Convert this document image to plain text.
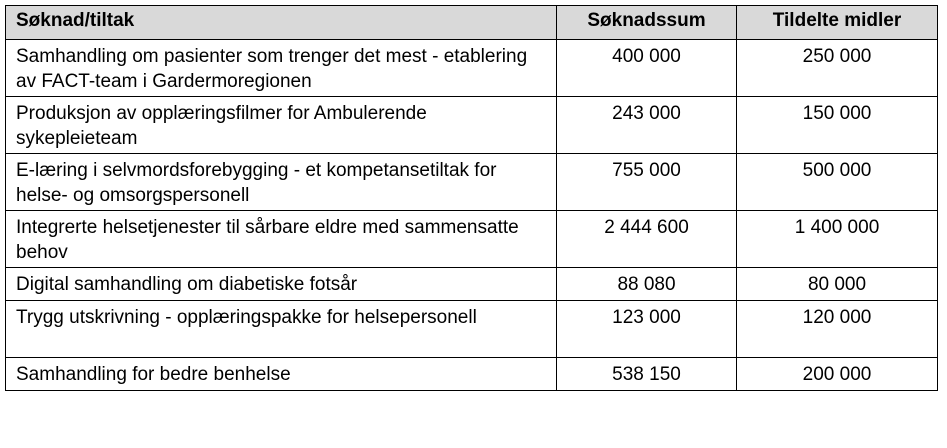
Søknad/tiltak	Søknadssum	Tildelte midler
Samhandling om pasienter som trenger det mest - etablering av FACT-team i Gardermoregionen	400 000	250 000
Produksjon av opplæringsfilmer for Ambulerende sykepleieteam	243 000	150 000
E-læring i selvmordsforebygging - et kompetansetiltak for helse- og omsorgspersonell	755 000	500 000
Integrerte helsetjenester til sårbare eldre med sammensatte behov	2 444 600	1 400 000
Digital samhandling om diabetiske fotsår	88 080	80 000
Trygg utskrivning - opplæringspakke for helsepersonell	123 000	120 000
Samhandling for bedre benhelse	538 150	200 000
